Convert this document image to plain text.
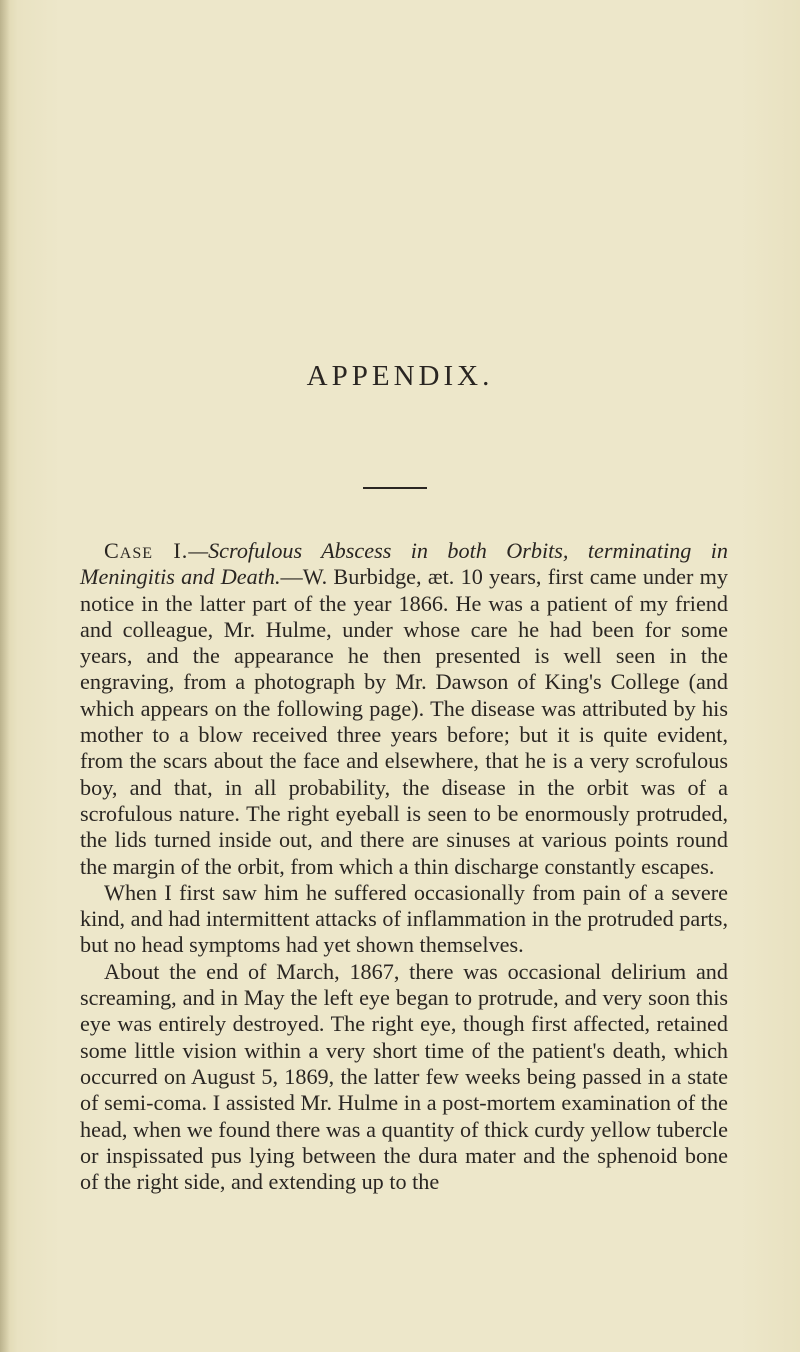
APPENDIX.

Case I.—Scrofulous Abscess in both Orbits, terminating in Meningitis and Death.—W. Burbidge, æt. 10 years, first came under my notice in the latter part of the year 1866. He was a patient of my friend and colleague, Mr. Hulme, under whose care he had been for some years, and the appearance he then presented is well seen in the engraving, from a photograph by Mr. Dawson of King's College (and which appears on the following page). The disease was attributed by his mother to a blow received three years before; but it is quite evident, from the scars about the face and elsewhere, that he is a very scrofulous boy, and that, in all probability, the disease in the orbit was of a scrofulous nature. The right eyeball is seen to be enormously protruded, the lids turned inside out, and there are sinuses at various points round the margin of the orbit, from which a thin discharge constantly escapes.

When I first saw him he suffered occasionally from pain of a severe kind, and had intermittent attacks of inflammation in the protruded parts, but no head symptoms had yet shown themselves.

About the end of March, 1867, there was occasional delirium and screaming, and in May the left eye began to protrude, and very soon this eye was entirely destroyed. The right eye, though first affected, retained some little vision within a very short time of the patient's death, which occurred on August 5, 1869, the latter few weeks being passed in a state of semi-coma. I assisted Mr. Hulme in a post-mortem examination of the head, when we found there was a quantity of thick curdy yellow tubercle or inspissated pus lying between the dura mater and the sphenoid bone of the right side, and extending up to the
